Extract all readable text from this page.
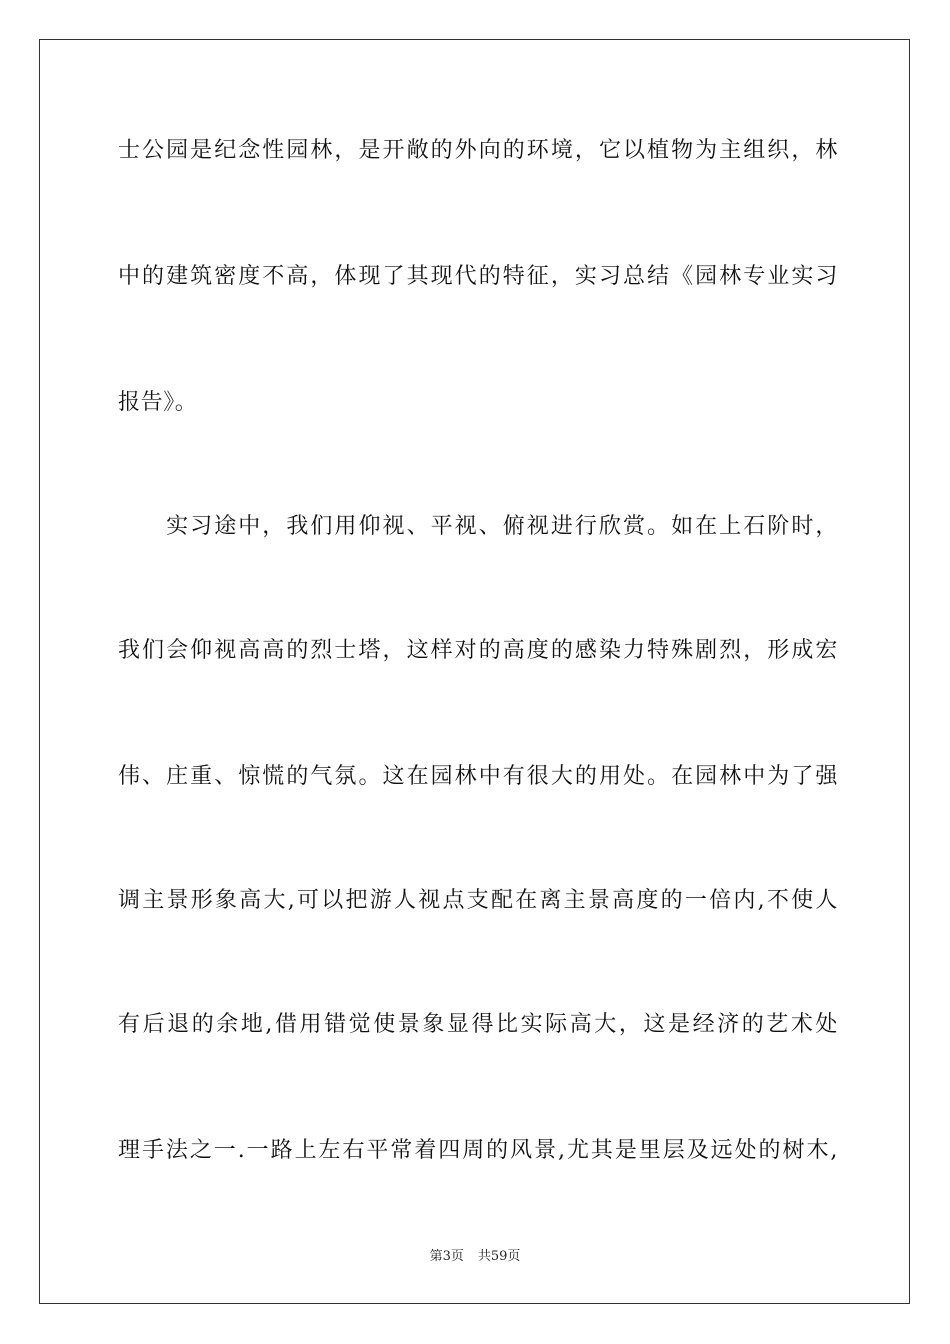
士公园是纪念性园林，是开敞的外向的环境，它以植物为主组织，林
中的建筑密度不高，体现了其现代的特征，实习总结《园林专业实习
报告》。
　　实习途中，我们用仰视、平视、俯视进行欣赏。如在上石阶时，
我们会仰视高高的烈士塔，这样对的高度的感染力特殊剧烈，形成宏
伟、庄重、惊慌的气氛。这在园林中有很大的用处。在园林中为了强
调主景形象高大,可以把游人视点支配在离主景高度的一倍内,不使人
有后退的余地,借用错觉使景象显得比实际高大，这是经济的艺术处
理手法之一.一路上左右平常着四周的风景,尤其是里层及远处的树木,
第3页 共59页
